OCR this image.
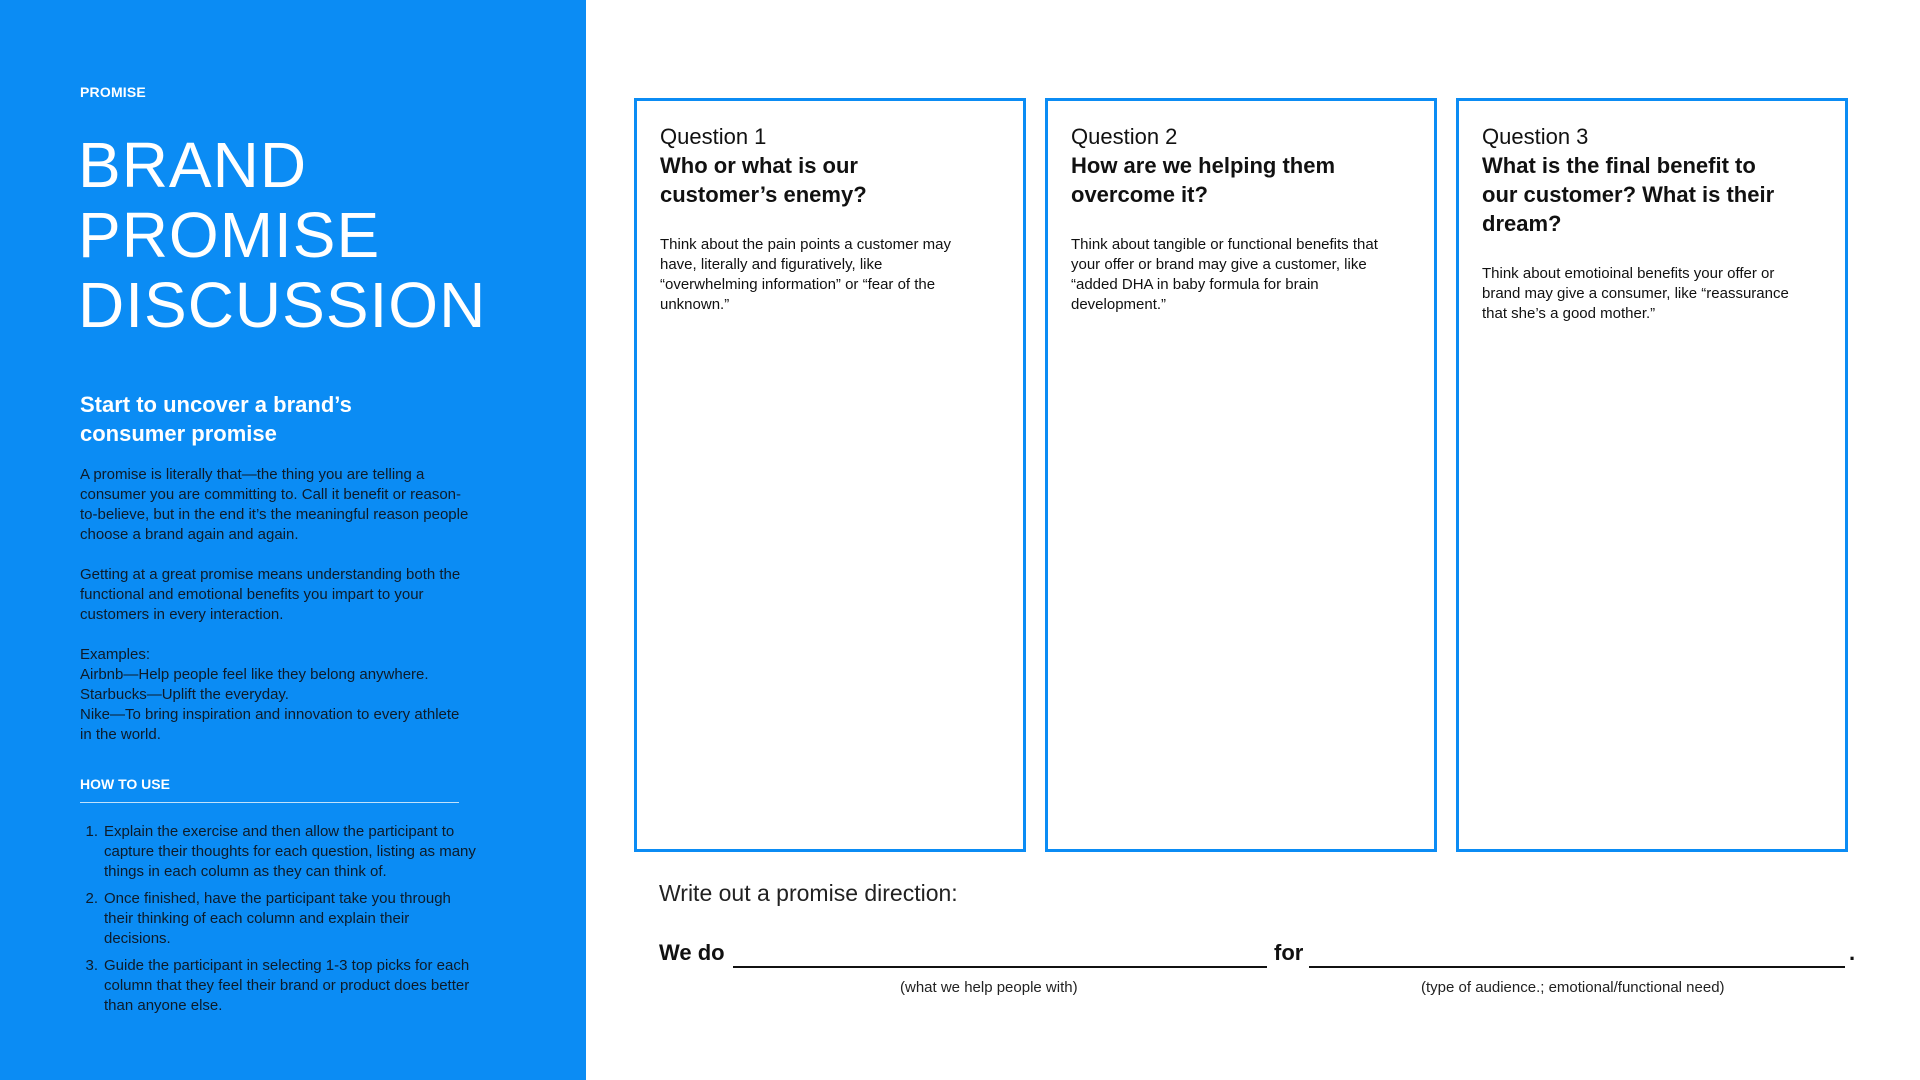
PROMISE
BRAND
PROMISE
DISCUSSION
Start to uncover a brand’s consumer promise

A promise is literally that—the thing you are telling a consumer you are committing to. Call it benefit or reason-to-believe, but in the end it’s the meaningful reason people choose a brand again and again.

Getting at a great promise means understanding both the functional and emotional benefits you impart to your customers in every interaction.

Examples:
Airbnb—Help people feel like they belong anywhere.
Starbucks—Uplift the everyday.
Nike—To bring inspiration and innovation to every athlete in the world.
HOW TO USE
1. Explain the exercise and then allow the participant to capture their thoughts for each question, listing as many things in each column as they can think of.
2. Once finished, have the participant take you through their thinking of each column and explain their decisions.
3. Guide the participant in selecting 1-3 top picks for each column that they feel their brand or product does better than anyone else.
Question 1
Who or what is our customer’s enemy?
Think about the pain points a customer may have, literally and figuratively, like “overwhelming information” or “fear of the unknown.”
Question 2
How are we helping them overcome it?
Think about tangible or functional benefits that your offer or brand may give a customer, like “added DHA in baby formula for brain development.”
Question 3
What is the final benefit to our customer? What is their dream?
Think about emotioinal benefits your offer or brand may give a consumer, like “reassurance that she’s a good mother.”
Write out a promise direction:
We do	for	.
(what we help people with)	(type of audience.; emotional/functional need)
